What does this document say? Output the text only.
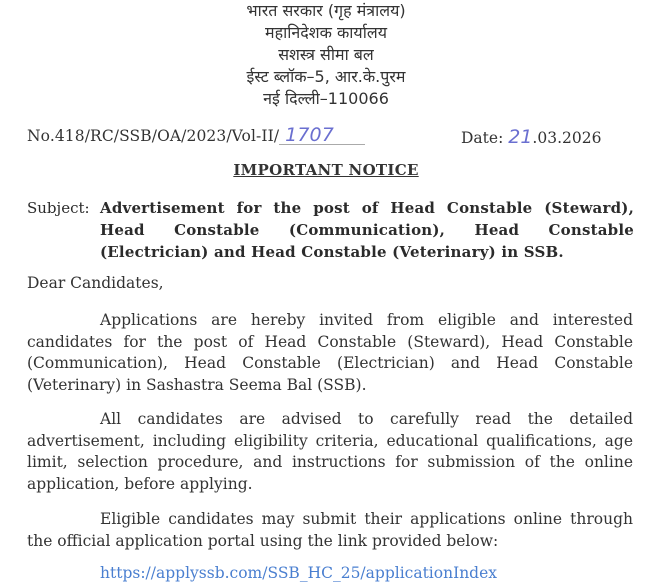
भारत सरकार (गृह मंत्रालय)
महानिदेशक कार्यालय
सशस्त्र सीमा बल
ईस्ट ब्लॉक–5, आर.के.पुरम
नई दिल्ली–110066
No.418/RC/SSB/OA/2023/Vol-II/ 1707	Date: 21.03.2026
IMPORTANT NOTICE
Subject: Advertisement for the post of Head Constable (Steward), Head Constable (Communication), Head Constable (Electrician) and Head Constable (Veterinary) in SSB.
Dear Candidates,
Applications are hereby invited from eligible and interested candidates for the post of Head Constable (Steward), Head Constable (Communication), Head Constable (Electrician) and Head Constable (Veterinary) in Sashastra Seema Bal (SSB).
All candidates are advised to carefully read the detailed advertisement, including eligibility criteria, educational qualifications, age limit, selection procedure, and instructions for submission of the online application, before applying.
Eligible candidates may submit their applications online through the official application portal using the link provided below:
https://applyssb.com/SSB_HC_25/applicationIndex
